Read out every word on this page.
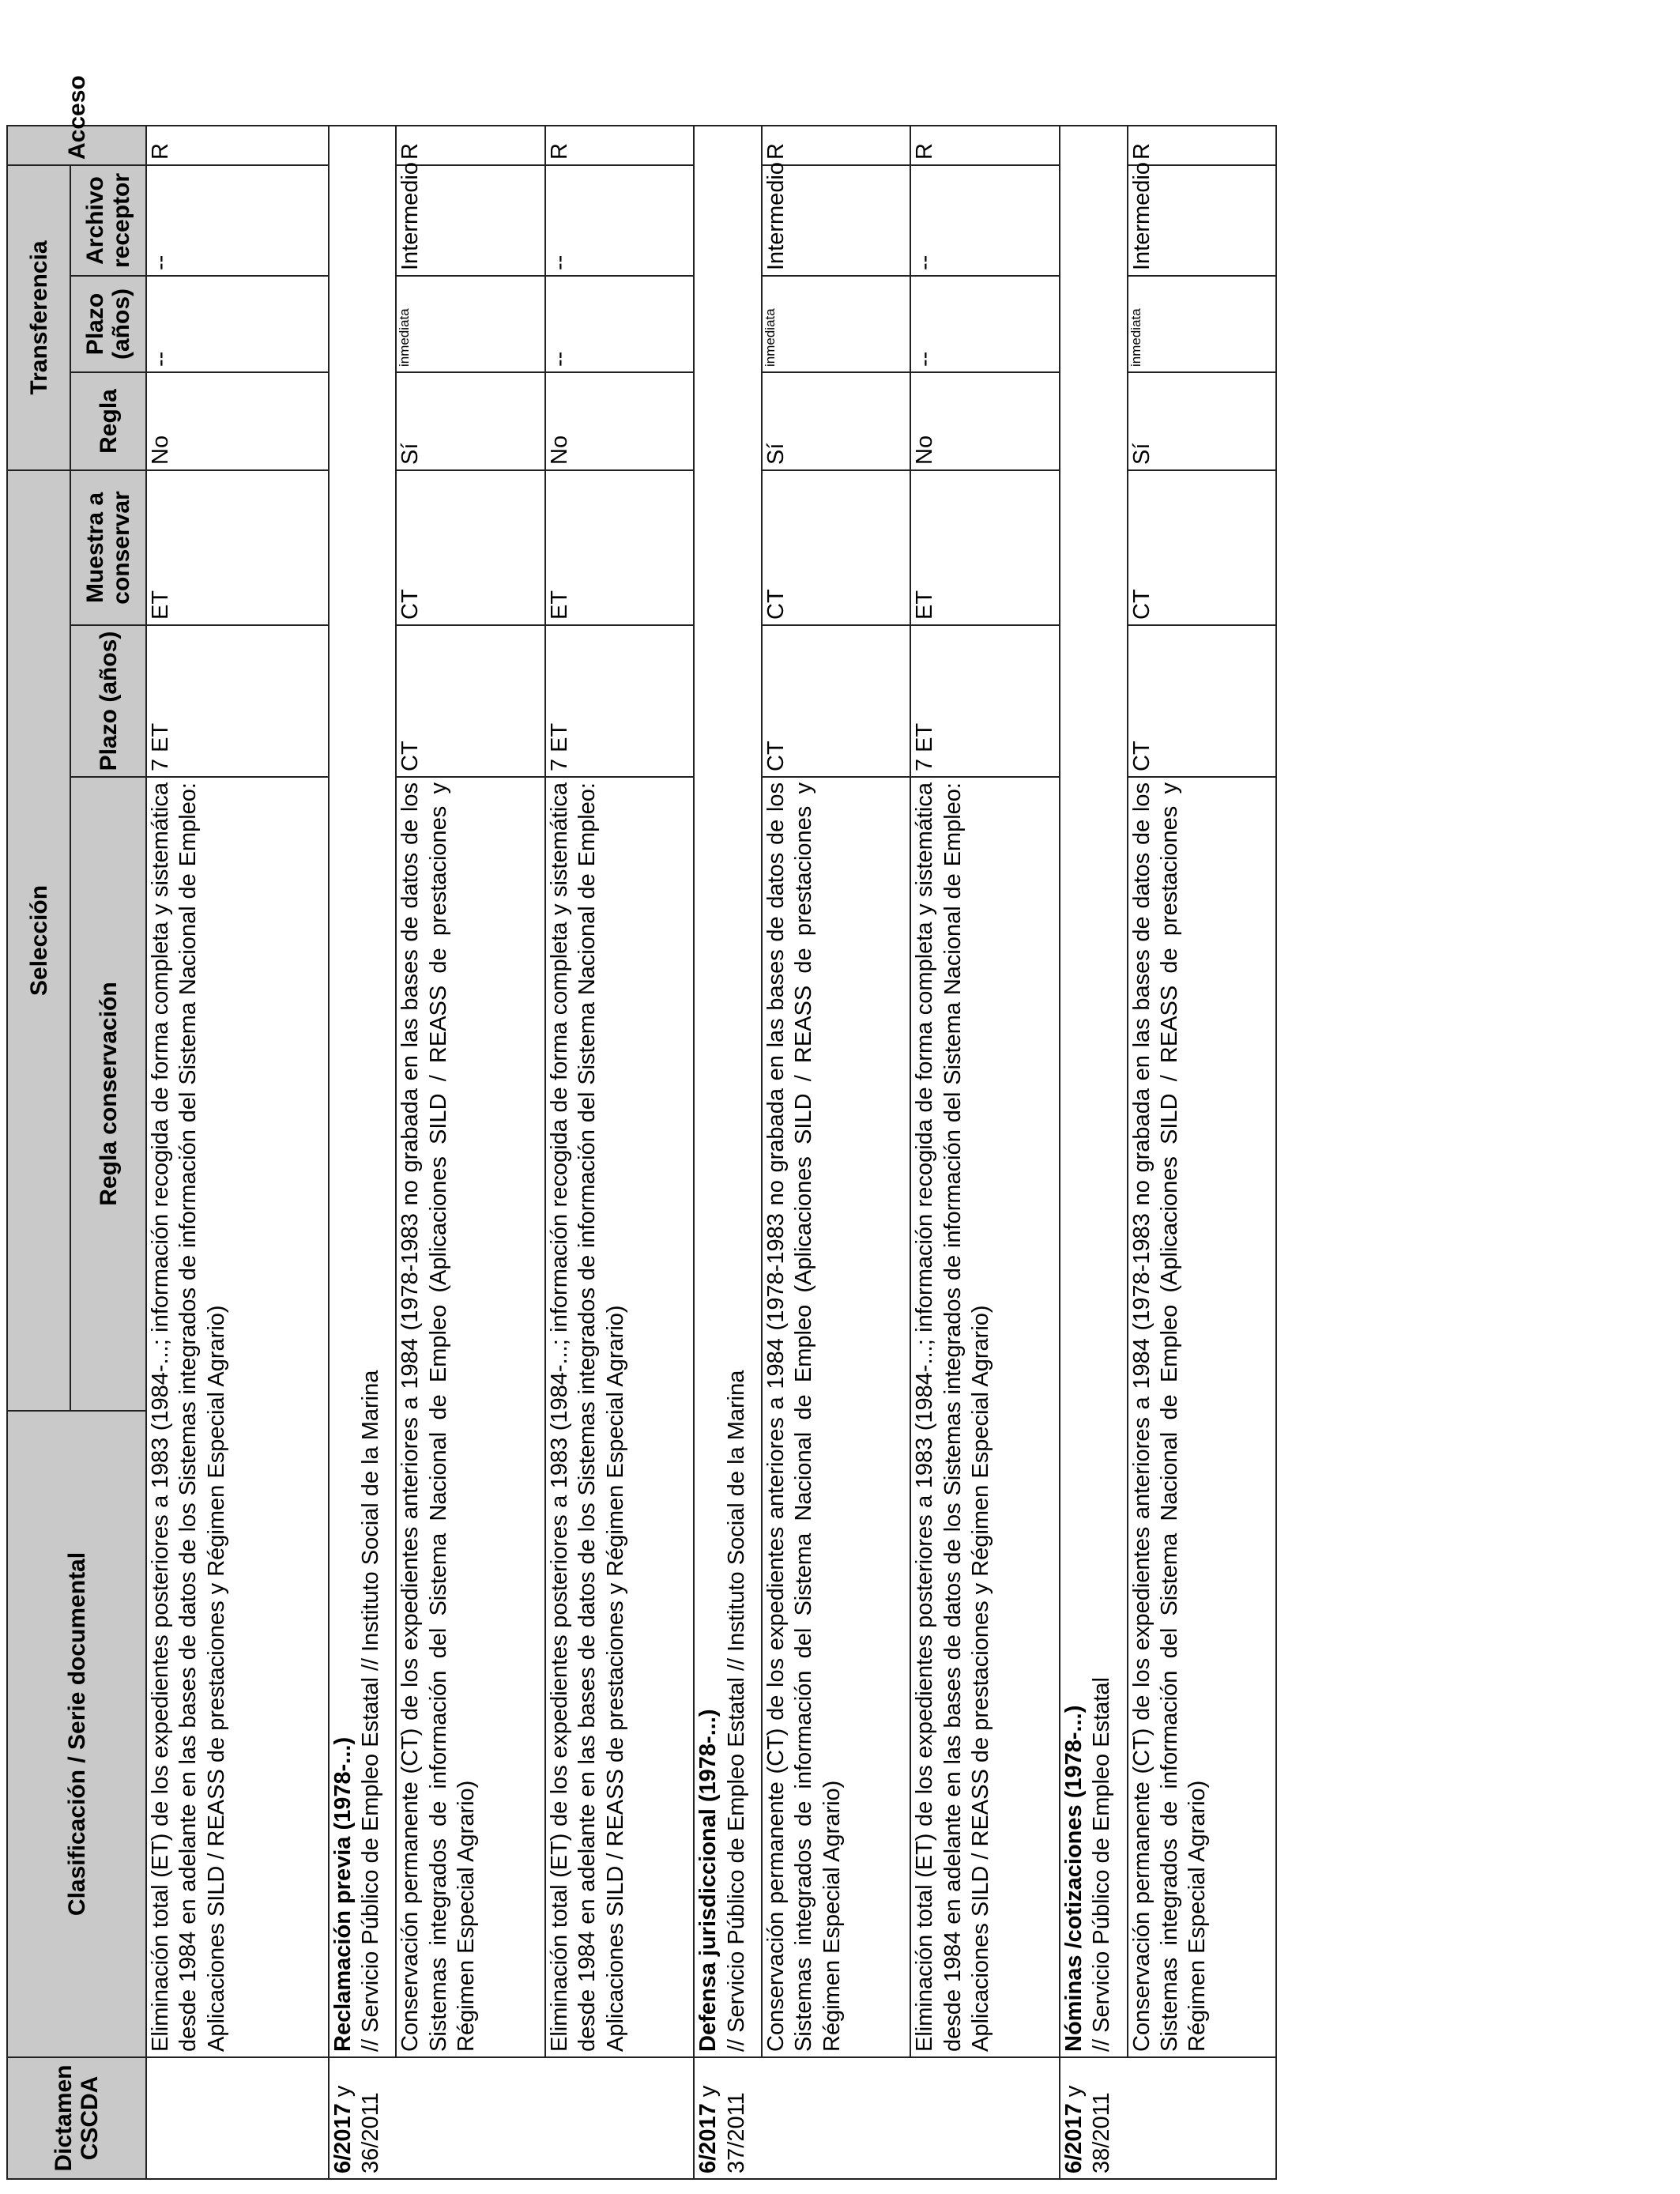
Dictamen CSCDA	Clasificación / Serie documental	Selección			Transferencia			Acceso
		Regla conservación	Plazo (años)	Muestra a conservar	Regla	Plazo (años)	Archivo receptor	
	Eliminación total (ET) de los expedientes posteriores a 1983 (1984-...; información recogida de forma completa y sistemática desde 1984 en adelante en las bases de datos de los Sistemas integrados de información del Sistema Nacional de Empleo: Aplicaciones SILD / REASS de prestaciones y Régimen Especial Agrario)		7 ET	ET	No	--	--	R
6/2017 y
36/2011	Reclamación previa (1978-...) // Servicio Público de Empleo Estatal // Instituto Social de la Marina							
	Conservación permanente (CT) de los expedientes anteriores a 1984 (1978-1983 no grabada en las bases de datos de los Sistemas integrados de información del Sistema Nacional de Empleo (Aplicaciones SILD / REASS de prestaciones y Régimen Especial Agrario)		CT	CT	Sí	inmediata	Intermedio	R
	Eliminación total (ET) de los expedientes posteriores a 1983 (1984-...; información recogida de forma completa y sistemática desde 1984 en adelante en las bases de datos de los Sistemas integrados de información del Sistema Nacional de Empleo: Aplicaciones SILD / REASS de prestaciones y Régimen Especial Agrario)		7 ET	ET	No	--	--	R
6/2017 y
37/2011	Defensa jurisdiccional (1978-...) // Servicio Público de Empleo Estatal // Instituto Social de la Marina							
	Conservación permanente (CT) de los expedientes anteriores a 1984 (1978-1983 no grabada en las bases de datos de los Sistemas integrados de información del Sistema Nacional de Empleo (Aplicaciones SILD / REASS de prestaciones y Régimen Especial Agrario)		CT	CT	Sí	inmediata	Intermedio	R
	Eliminación total (ET) de los expedientes posteriores a 1983 (1984-...; información recogida de forma completa y sistemática desde 1984 en adelante en las bases de datos de los Sistemas integrados de información del Sistema Nacional de Empleo: Aplicaciones SILD / REASS de prestaciones y Régimen Especial Agrario)		7 ET	ET	No	--	--	R
6/2017 y
38/2011	Nóminas /cotizaciones (1978-...) // Servicio Público de Empleo Estatal							
	Conservación permanente (CT) de los expedientes anteriores a 1984 (1978-1983 no grabada en las bases de datos de los Sistemas integrados de información del Sistema Nacional de Empleo (Aplicaciones SILD / REASS de prestaciones y Régimen Especial Agrario)		CT	CT	Sí	inmediata	Intermedio	R
